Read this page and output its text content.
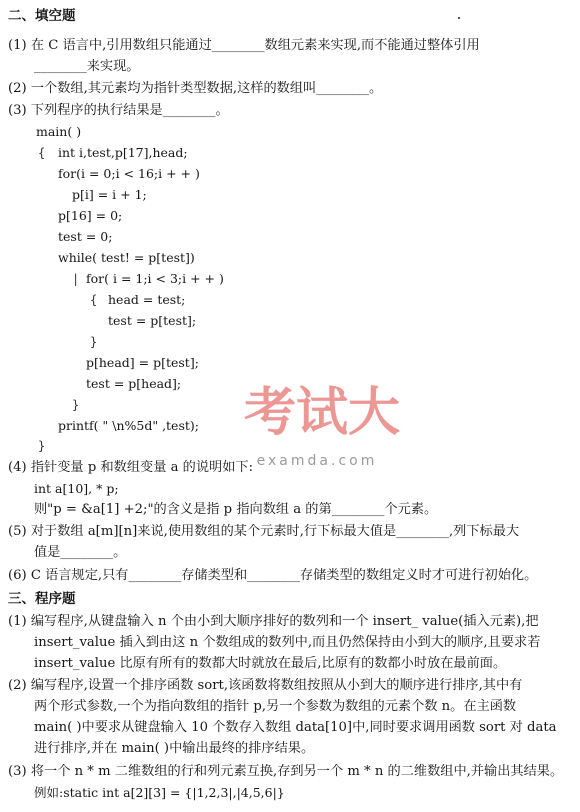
二、填空题
(1) 在 C 语言中,引用数组只能通过________数组元素来实现,而不能通过整体引用
________来实现。
(2) 一个数组,其元素均为指针类型数据,这样的数组叫________。
(3) 下列程序的执行结果是________。
main( )
{ int i,test,p[17],head;
for(i = 0;i < 16;i + + )
p[i] = i + 1;
p[16] = 0;
test = 0;
while( test! = p[test])
| for( i = 1;i < 3;i + + )
{ head = test;
test = p[test];
}
p[head] = p[test];
test = p[head];
}
printf( " \n%5d" ,test);
}
考试大
examda.com
(4) 指针变量 p 和数组变量 a 的说明如下:
int a[10], * p;
则"p = &a[1] +2;"的含义是指 p 指向数组 a 的第________个元素。
(5) 对于数组 a[m][n]来说,使用数组的某个元素时,行下标最大值是________,列下标最大
值是________。
(6) C 语言规定,只有________存储类型和________存储类型的数组定义时才可进行初始化。
三、程序题
(1) 编写程序,从键盘输入 n 个由小到大顺序排好的数列和一个 insert_ value(插入元素),把
insert_value 插入到由这 n 个数组成的数列中,而且仍然保持由小到大的顺序,且要求若
insert_value 比原有所有的数都大时就放在最后,比原有的数都小时放在最前面。
(2) 编写程序,设置一个排序函数 sort,该函数将数组按照从小到大的顺序进行排序,其中有
两个形式参数,一个为指向数组的指针 p,另一个参数为数组的元素个数 n。在主函数
main( )中要求从键盘输入 10 个数存入数组 data[10]中,同时要求调用函数 sort 对 data
进行排序,并在 main( )中输出最终的排序结果。
(3) 将一个 n * m 二维数组的行和列元素互换,存到另一个 m * n 的二维数组中,并输出其结果。
例如:static int a[2][3] = {|1,2,3|,|4,5,6|}
